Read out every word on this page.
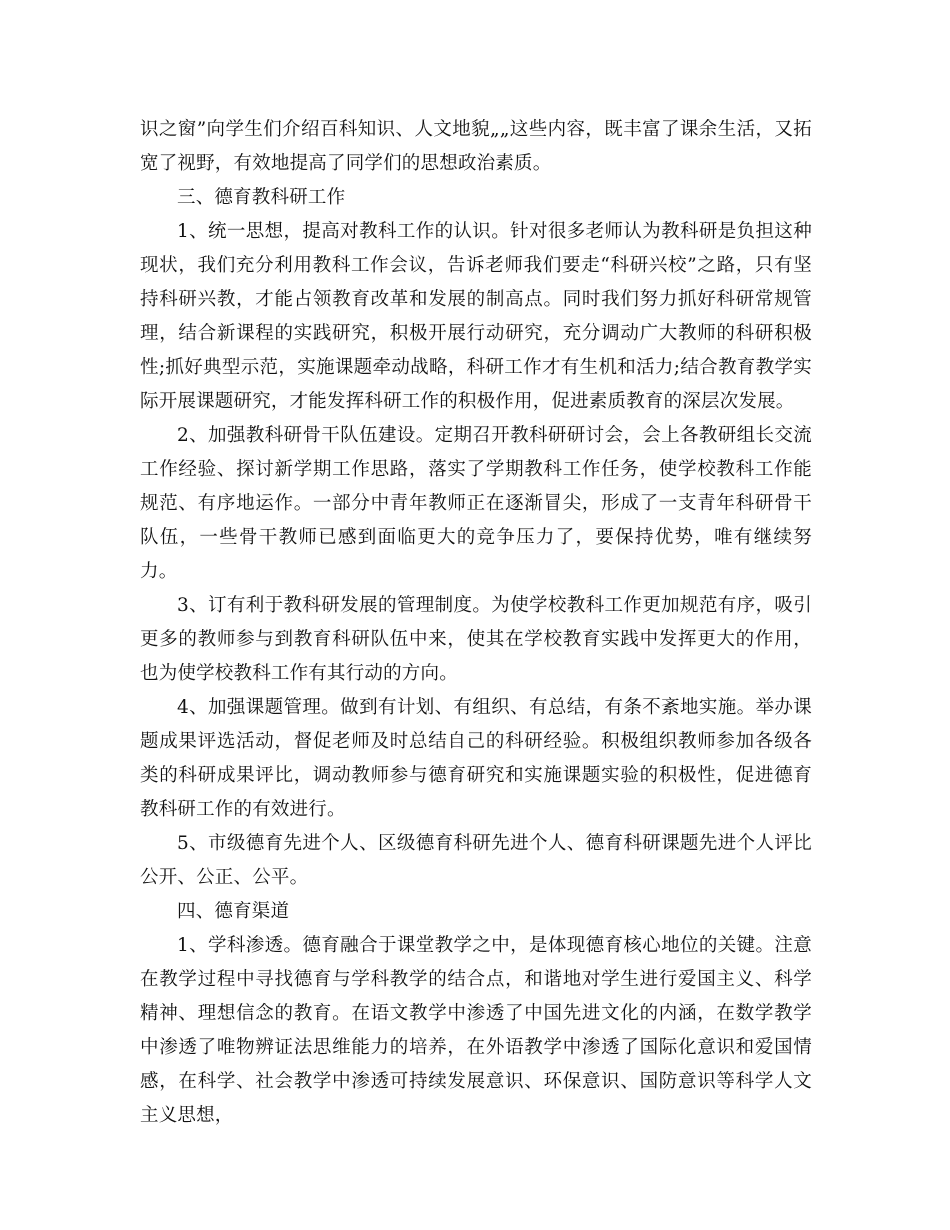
识之窗”向学生们介绍百科知识、人文地貌„„这些内容，既丰富了课余生活，又拓宽了视野，有效地提高了同学们的思想政治素质。

三、德育教科研工作

1、统一思想，提高对教科工作的认识。针对很多老师认为教科研是负担这种现状，我们充分利用教科工作会议，告诉老师我们要走“科研兴校”之路，只有坚持科研兴教，才能占领教育改革和发展的制高点。同时我们努力抓好科研常规管理，结合新课程的实践研究，积极开展行动研究，充分调动广大教师的科研积极性;抓好典型示范，实施课题牵动战略，科研工作才有生机和活力;结合教育教学实际开展课题研究，才能发挥科研工作的积极作用，促进素质教育的深层次发展。

2、加强教科研骨干队伍建设。定期召开教科研研讨会，会上各教研组长交流工作经验、探讨新学期工作思路，落实了学期教科工作任务，使学校教科工作能规范、有序地运作。一部分中青年教师正在逐渐冒尖，形成了一支青年科研骨干队伍，一些骨干教师已感到面临更大的竞争压力了，要保持优势，唯有继续努力。

3、订有利于教科研发展的管理制度。为使学校教科工作更加规范有序，吸引更多的教师参与到教育科研队伍中来，使其在学校教育实践中发挥更大的作用，也为使学校教科工作有其行动的方向。

4、加强课题管理。做到有计划、有组织、有总结，有条不紊地实施。举办课题成果评选活动，督促老师及时总结自己的科研经验。积极组织教师参加各级各类的科研成果评比，调动教师参与德育研究和实施课题实验的积极性，促进德育教科研工作的有效进行。

5、市级德育先进个人、区级德育科研先进个人、德育科研课题先进个人评比公开、公正、公平。

四、德育渠道

1、学科渗透。德育融合于课堂教学之中，是体现德育核心地位的关键。注意在教学过程中寻找德育与学科教学的结合点，和谐地对学生进行爱国主义、科学精神、理想信念的教育。在语文教学中渗透了中国先进文化的内涵，在数学教学中渗透了唯物辨证法思维能力的培养，在外语教学中渗透了国际化意识和爱国情感，在科学、社会教学中渗透可持续发展意识、环保意识、国防意识等科学人文主义思想，
